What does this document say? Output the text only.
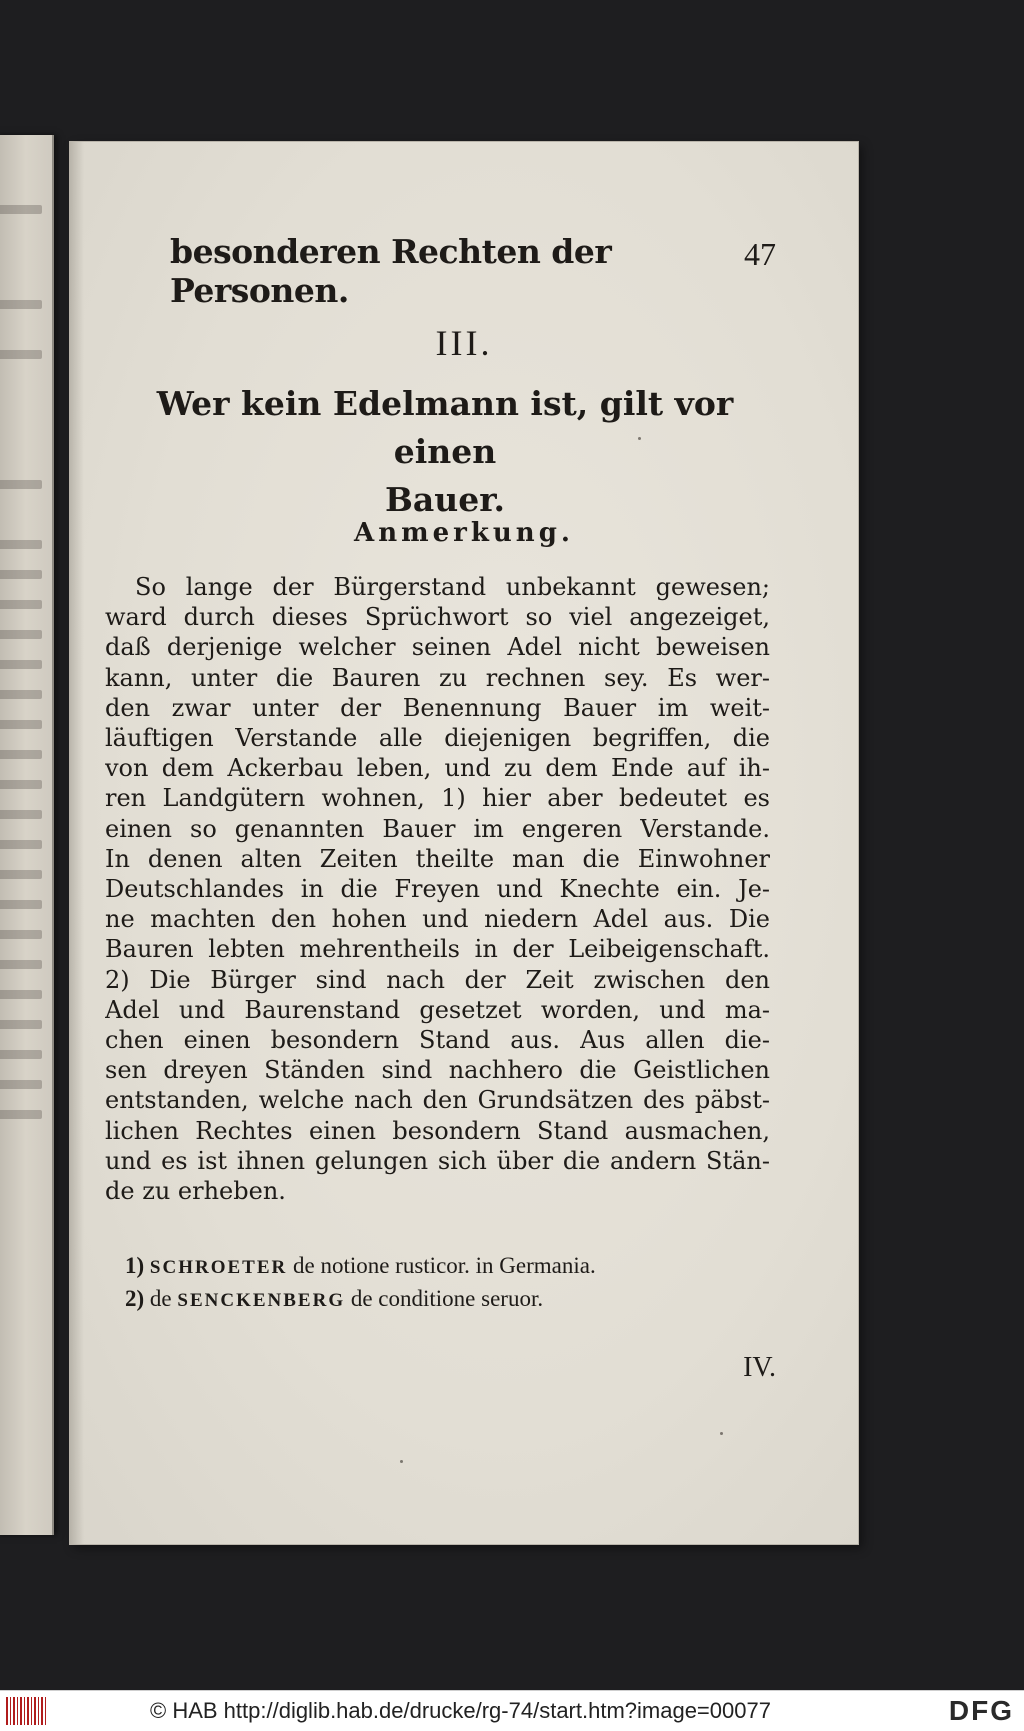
besonderen Rechten der Personen.
47
III.
Wer kein Edelmann ist, gilt vor einen
Bauer.
Anmerkung.
So lange der Bürgerstand unbekannt gewesen;
ward durch dieses Sprüchwort so viel angezeiget,
daß derjenige welcher seinen Adel nicht beweisen
kann, unter die Bauren zu rechnen sey. Es wer-
den zwar unter der Benennung Bauer im weit-
läuftigen Verstande alle diejenigen begriffen, die
von dem Ackerbau leben, und zu dem Ende auf ih-
ren Landgütern wohnen, 1) hier aber bedeutet es
einen so genannten Bauer im engeren Verstande.
In denen alten Zeiten theilte man die Einwohner
Deutschlandes in die Freyen und Knechte ein. Je-
ne machten den hohen und niedern Adel aus. Die
Bauren lebten mehrentheils in der Leibeigenschaft.
2) Die Bürger sind nach der Zeit zwischen den
Adel und Baurenstand gesetzet worden, und ma-
chen einen besondern Stand aus. Aus allen die-
sen dreyen Ständen sind nachhero die Geistlichen
entstanden, welche nach den Grundsätzen des päbst-
lichen Rechtes einen besondern Stand ausmachen,
und es ist ihnen gelungen sich über die andern Stän-
de zu erheben.
1) SCHROETER de notione rusticor. in Germania.
2) de SENCKENBERG de conditione seruor.
IV.
© HAB http://diglib.hab.de/drucke/rg-74/start.htm?image=00077	DFG
